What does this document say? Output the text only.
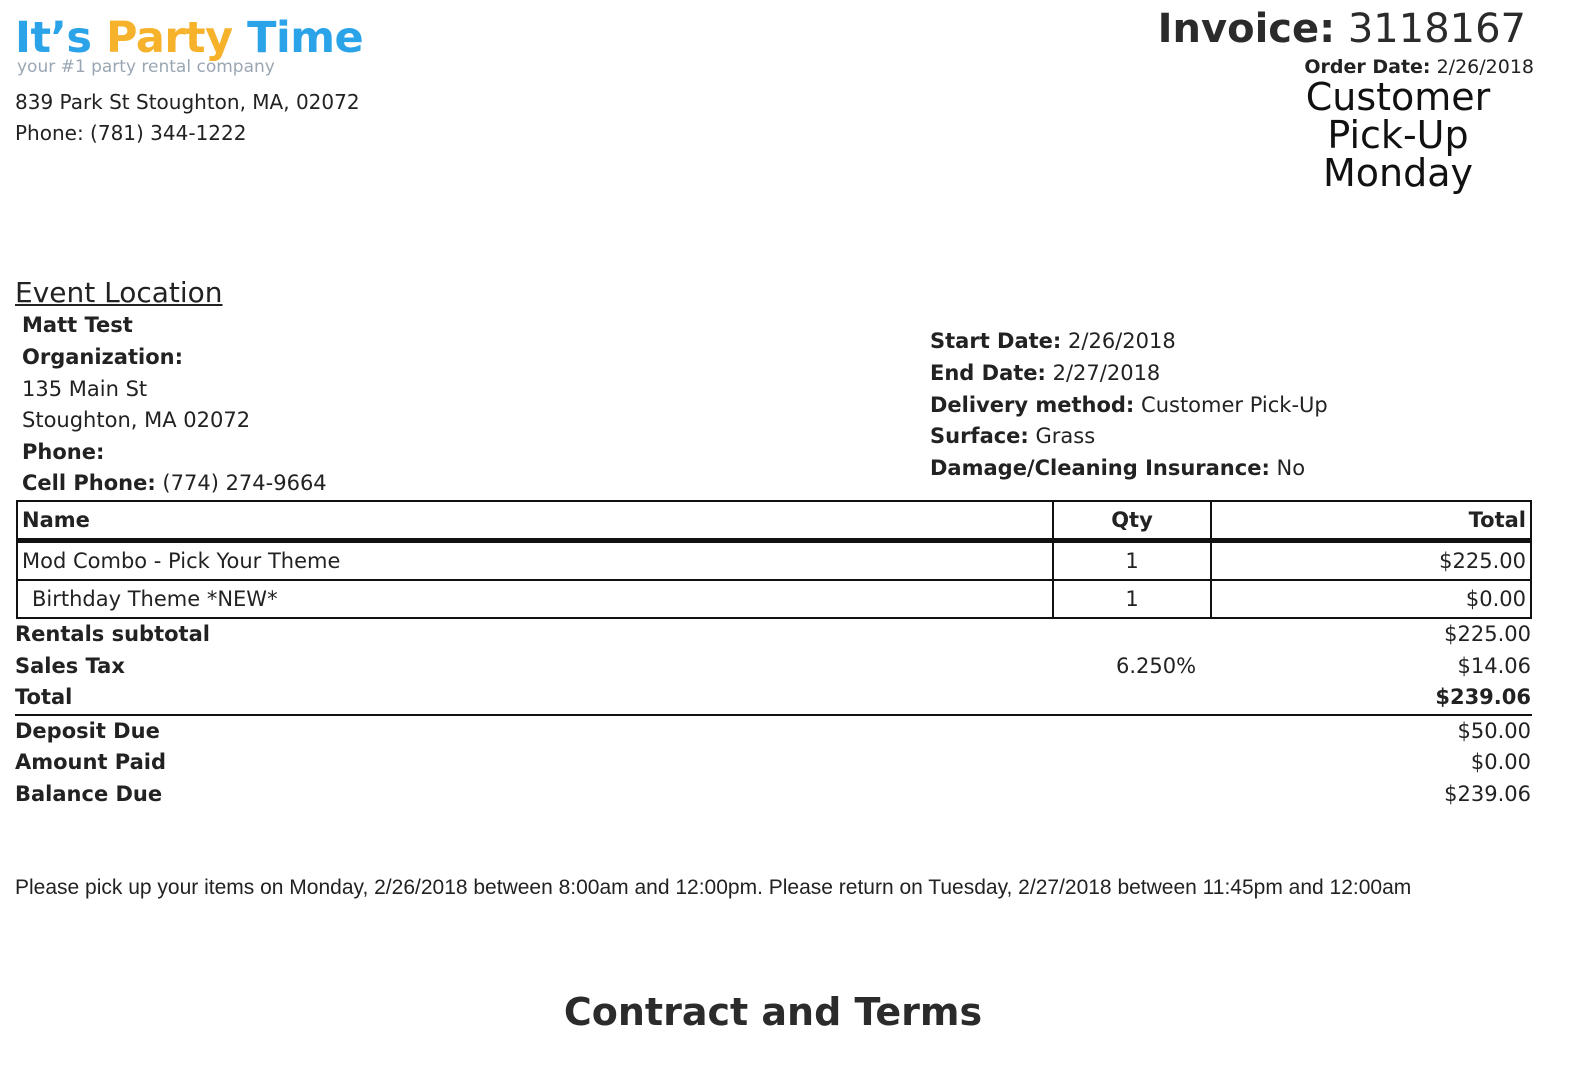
It’s Party Time
your #1 party rental company
839 Park St Stoughton, MA, 02072
Phone: (781) 344-1222
Invoice: 3118167
Order Date: 2/26/2018
Customer Pick-Up Monday
Event Location
Matt Test
Organization:
135 Main St
Stoughton, MA 02072
Phone:
Cell Phone: (774) 274-9664
Start Date: 2/26/2018
End Date: 2/27/2018
Delivery method: Customer Pick-Up
Surface: Grass
Damage/Cleaning Insurance: No
Name	Qty	Total
Mod Combo - Pick Your Theme	1	$225.00
Birthday Theme *NEW*	1	$0.00
Rentals subtotal	$225.00
Sales Tax	6.250%	$14.06
Total	$239.06
Deposit Due	$50.00
Amount Paid	$0.00
Balance Due	$239.06
Please pick up your items on Monday, 2/26/2018 between 8:00am and 12:00pm. Please return on Tuesday, 2/27/2018 between 11:45pm and 12:00am
Contract and Terms
